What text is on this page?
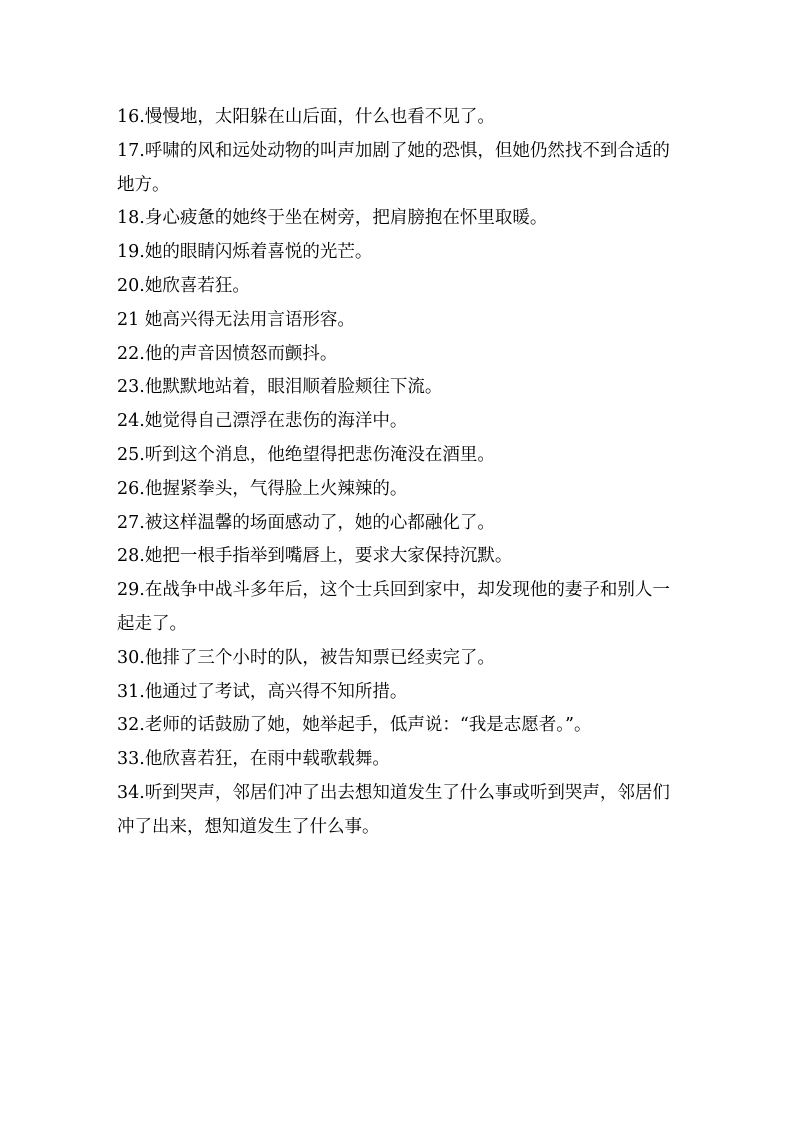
16.慢慢地，太阳躲在山后面，什么也看不见了。
17.呼啸的风和远处动物的叫声加剧了她的恐惧，但她仍然找不到合适的地方。
18.身心疲惫的她终于坐在树旁，把肩膀抱在怀里取暖。
19.她的眼睛闪烁着喜悦的光芒。
20.她欣喜若狂。
21 她高兴得无法用言语形容。
22.他的声音因愤怒而颤抖。
23.他默默地站着，眼泪顺着脸颊往下流。
24.她觉得自己漂浮在悲伤的海洋中。
25.听到这个消息，他绝望得把悲伤淹没在酒里。
26.他握紧拳头，气得脸上火辣辣的。
27.被这样温馨的场面感动了，她的心都融化了。
28.她把一根手指举到嘴唇上，要求大家保持沉默。
29.在战争中战斗多年后，这个士兵回到家中，却发现他的妻子和别人一起走了。
30.他排了三个小时的队，被告知票已经卖完了。
31.他通过了考试，高兴得不知所措。
32.老师的话鼓励了她，她举起手，低声说：“我是志愿者。”。
33.他欣喜若狂，在雨中载歌载舞。
34.听到哭声，邻居们冲了出去想知道发生了什么事或听到哭声，邻居们冲了出来，想知道发生了什么事。
